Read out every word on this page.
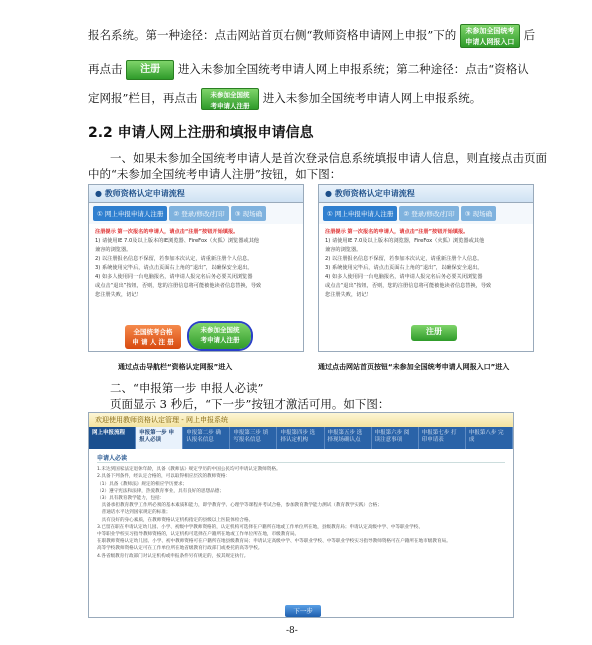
报名系统。第一种途径：点击网站首页右侧“教师资格申请网上申报”下的 未参加全国统考
申请人网报入口 后
再点击 注册 进入未参加全国统考申请人网上申报系统；第二种途径：点击“资格认
定网报”栏目，再点击 未参加全国统
考申请人注册 进入未参加全国统考申请人网上申报系统。
2.2 申请人网上注册和填报申请信息
一、如果未参加全国统考申请人是首次登录信息系统填报申请人信息，则直接点击页面
中的“未参加全国统考申请人注册”按钮，如下图：
● 教师资格认定申请流程
① 网上申报申请人注册	② 登录/修改/打印	③ 现场确
注册提示 第一次报名的申请人，请点击“注册”按钮开始填报。
1) 请使用IE 7.0及以上版本的IE浏览器、FireFox（火狐）浏览器或其他
兼容的浏览器。
2) 以注册报名信息不保留，若参加本次认定，请重新注册个人信息。
3) 系统使用完毕后，请点击页面右上角的“退出”，以确保安全退出。
4) 如多人使用同一台电脑报名，请申请人报完名后务必要关闭浏览器
或点击“退出”按钮，否则，您的注册信息将可能被他读者信息替换，导致
您注册失败，切记！
全国统考合格
申 请 人 注 册
未参加全国统
考申请人注册
通过点击导航栏“资格认定网报”进入
● 教师资格认定申请流程
① 网上申报申请人注册	② 登录/修改/打印	③ 现场确
注册提示 第一次报名的申请人，请点击“注册”按钮开始填报。
1) 请使用IE 7.0及以上版本的浏览器，FireFox（火狐）浏览器或其他
兼容的浏览器。
2) 以注册报名信息不保留，若参加本次认定，请重新注册个人信息。
3) 系统使用完毕后，请点击页面右上角的“退出”，以确保安全退出。
4) 如多人使用同一台电脑报名，请申请人报完名后务必要关闭浏览器
或点击“退出”按钮，否则，您的注册信息将可能被他读者信息替换，导致
您注册失败，切记！
注册
通过点击网站首页按钮“未参加全国统考申请人网报入口”进入
二、“申报第一步 申报人必读”
页面显示 3 秒后，“下一步”按钮才激活可用。如下图：
欢迎使用教师资格认定管理 - 网上申报系统
网上申报流程	申报第一步 申报人必读
申报第二步 确认报名信息
申报第三步 填写报名信息
申报第四步 选择认定机构
申报第五步 选择现场确认点
申报第六步 阅读注意事项
申报第七步 打印申请表
申报第八步 完成
申请人必读
1.未达到国家法定退休年龄，具备《教师法》规定学历的中国公民均可申请认定教师资格。
2.具备下列条件，经认定合格的，可以取得相应层次的教师资格：
（1）具备《教师法》规定的相应学历要求；
（2）遵守宪法和法律，热爱教育事业，具有良好的思想品德；
（3）具有教育教学能力，包括：
　具备承担教育教学工作所必须的基本素质和能力，即学教育学、心理学等课程并考试合格，参加教育教学能力测试（教育教学实践）合格；
　普通话水平达到国家规定的标准；
　具有良好的身心素质，在教师资格认定机构指定的县级以上医院体检合格。
3.已留在职在申请认定幼儿园、小学、初级中学教师资格的，认定机构可选择在户籍所在地或工作单位所在地，县级教育局；申请认定高级中学、中等职业学校、
中等职业学校实习指导教师资格的，认定机构可选择在户籍所在地或工作单位所在地，市级教育局。
在职教师资格认定幼儿园、小学、初中教师资格可在户籍所在地县级教育局；申请认定高级中学、中等职业学校、中等职业学校实习指导教师资格可在户籍所在地市级教育局。
高等学校教师资格认定可在工作单位所在地省级教育行政部门或委托的高等学校。
4.各省级教育行政部门对认定机构或申报条件另有规定的，按其规定执行。
下一步
-8-
